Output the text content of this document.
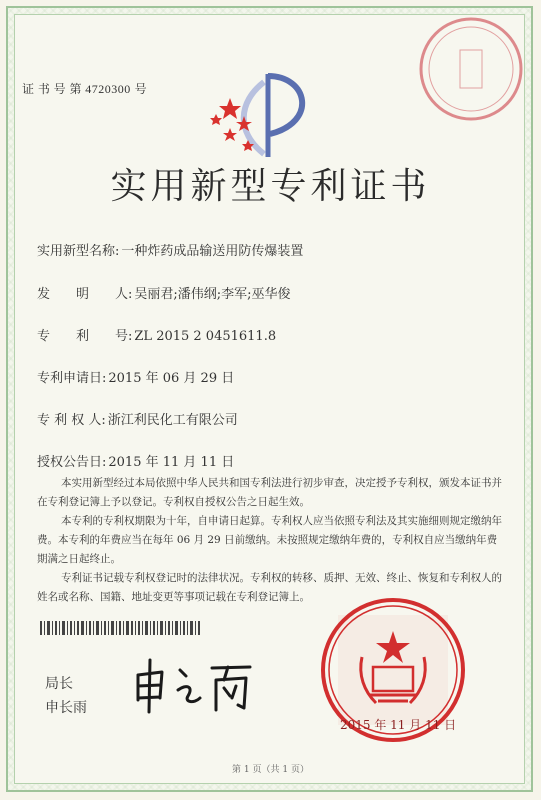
证 书 号 第 4720300 号
实用新型专利证书
实用新型名称: 一种炸药成品输送用防传爆装置
发　　明　　人: 吴丽君;潘伟纲;李军;巫华俊
专　　利　　号: ZL 2015 2 0451611.8
专利申请日: 2015 年 06 月 29 日
专 利 权 人: 浙江利民化工有限公司
授权公告日: 2015 年 11 月 11 日

本实用新型经过本局依照中华人民共和国专利法进行初步审查，决定授予专利权，颁发本证书并在专利登记簿上予以登记。专利权自授权公告之日起生效。

本专利的专利权期限为十年，自申请日起算。专利权人应当依照专利法及其实施细则规定缴纳年费。本专利的年费应当在每年 06 月 29 日前缴纳。未按照规定缴纳年费的，专利权自应当缴纳年费期满之日起终止。

专利证书记载专利权登记时的法律状况。专利权的转移、质押、无效、终止、恢复和专利权人的姓名或名称、国籍、地址变更等事项记载在专利登记簿上。

局长
申长雨
2015 年 11 月 11 日
第 1 页（共 1 页）
